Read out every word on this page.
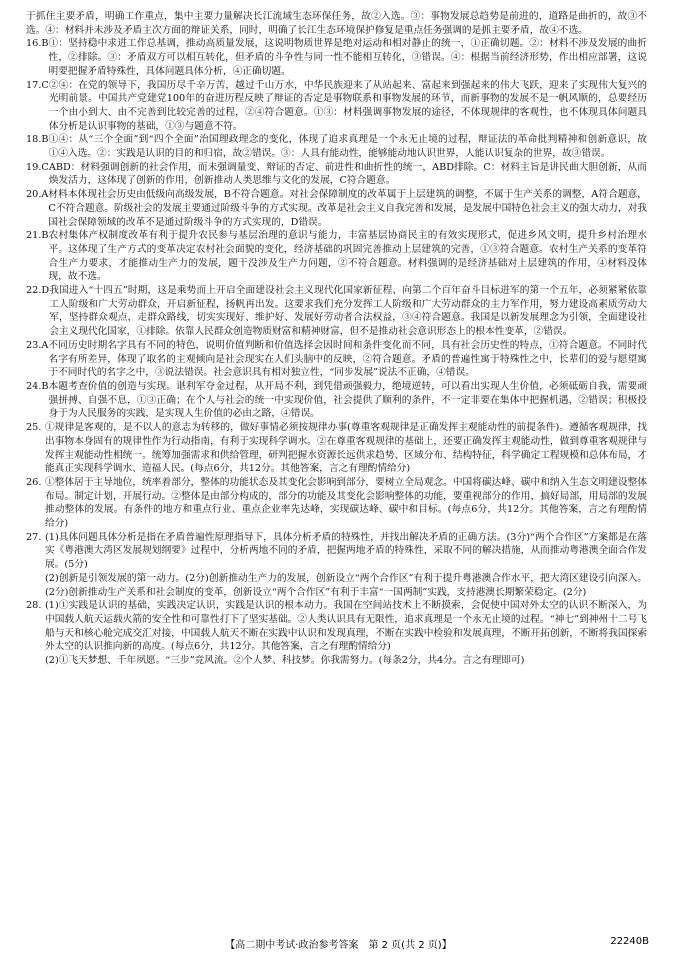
于抓住主要矛盾，明确工作重点，集中主要力量解决长江流域生态环保任务，故②入选。③：事物发展总趋势是前进的，道路是曲折的，故③不选。④：材料并未涉及矛盾主次方面的辩证关系，同时，明确了长江生态环境保护修复是重点任务强调的是抓主要矛盾，故④不选。

16.B ①：坚持稳中求进工作总基调，推动高质量发展，这说明物质世界是绝对运动和相对静止的统一，①正确切题。②：材料不涉及发展的曲折性，②排除。③：矛盾双方可以相互转化，但矛盾的斗争性与同一性不能相互转化，③错误。④：根据当前经济形势，作出相应部署，这说明要把握矛盾特殊性，具体问题具体分析，④正确切题。
17.C ②④：在党的领导下，我国历尽千辛万苦，越过千山万水，中华民族迎来了从站起来、富起来到强起来的伟大飞跃，迎来了实现伟大复兴的光明前景。中国共产党建党100年的奋进历程反映了辩证的否定是事物联系和事物发展的环节，而新事物的发展不是一帆风顺的，总要经历一个由小到大、由不完善到比较完善的过程，②④符合题意。①③：材料强调事物发展的途径，不体现规律的客观性，也不体现具体问题具体分析是认识事物的基础，①③与题意不符。
18.B ①④：从“三个全面”到“四个全面”治国理政理念的变化，体现了追求真理是一个永无止境的过程，辩证法的革命批判精神和创新意识，故①④入选。②：实践是认识的目的和归宿，故②错误。③：人具有能动性，能够能动地认识世界，人能认识复杂的世界，故③错误。
19.C ABD：材料强调创新的社会作用，而未强调量变、辩证的否定、前进性和曲折性的统一，ABD排除。C：材料主旨是讲民曲大胆创新，从而焕发活力，这体现了创新的作用，创新推动人类思维与文化的发展，C符合题意。
20.A 材料本体现社会历史由低级向高级发展，B不符合题意。对社会保障制度的改革属于上层建筑的调整，不属于生产关系的调整，A符合题意，C不符合题意。阶级社会的发展主要通过阶级斗争的方式实现。改革是社会主义自我完善和发展，是发展中国特色社会主义的强大动力，对我国社会保障领域的改革不是通过阶级斗争的方式实现的，D错误。
21.B 农村集体产权制度改革有利于提升农民参与基层治理的意识与能力，丰富基层协商民主的有效实现形式，促进乡风文明，提升乡村治理水平。这体现了生产方式的变革决定农村社会面貌的变化，经济基础的巩固完善推动上层建筑的完善，①③符合题意。农村生产关系的变革符合生产力要求，才能推动生产力的发展，题干没涉及生产力问题，②不符合题意。材料强调的是经济基础对上层建筑的作用，④材料没体现，故不选。
22.D 我国进入“十四五”时期，这是乘势而上开启全面建设社会主义现代化国家新征程、向第二个百年奋斗目标进军的第一个五年，必须紧紧依靠工人阶级和广大劳动群众，开启新征程，扬帆再出发。这要求我们充分发挥工人阶级和广大劳动群众的主力军作用，努力建设高素质劳动大军，坚持群众观点，走群众路线，切实实现好、维护好、发展好劳动者合法权益，③④符合题意。我国是以新发展理念为引领，全面建设社会主义现代化国家，①排除。依靠人民群众创造物质财富和精神财富，但不是推动社会意识形态上的根本性变革，②错误。
23.A 不同历史时期名字具有不同的特色，说明价值判断和价值选择会因时间和条件变化而不同，具有社会历史性的特点，①符合题意。不同时代名字有所差异，体现了取名的主观倾向是社会现实在人们头脑中的反映，②符合题意。矛盾的普遍性寓于特殊性之中，长辈们的爱与愿望寓于不同时代的名字之中，③说法错误。社会意识具有相对独立性，“同步发展”说法不正确，④错误。
24.B 本题考查价值的创造与实现。谌利军夺金过程，从开局不利，到凭借顽强毅力，绝境逆转，可以看出实现人生价值，必须砥砺自我，需要顽强拼搏、自强不息，①③正确；在个人与社会的统一中实现价值，社会提供了顺利的条件，不一定非要在集体中把握机遇，②错误；积极投身于为人民服务的实践，是实现人生价值的必由之路，④错误。
25. ①规律是客观的，是不以人的意志为转移的，做好事情必须按规律办事(尊重客观规律是正确发挥主观能动性的前提条件)。遵循客观规律，找出事物本身固有的规律性作为行动指南，有利于实现科学调水。②在尊重客观规律的基础上，还要正确发挥主观能动性，做到尊重客观规律与发挥主观能动性相统一。统筹加强需求和供给管理，研判把握水资源长远供求趋势、区域分布、结构特征，科学确定工程规模和总体布局，才能真正实现科学调水、造福人民。(每点6分，共12分。其他答案，言之有理酌情给分)
26. ①整体居于主导地位，统率着部分，整体的功能状态及其变化会影响到部分，要树立全局观念。中国将碳达峰、碳中和纳入生态文明建设整体布局。制定计划，开展行动。②整体是由部分构成的，部分的功能及其变化会影响整体的功能，要重视部分的作用，搞好局部，用局部的发展推动整体的发展。有条件的地方和重点行业、重点企业率先达峰，实现碳达峰、碳中和目标。(每点6分，共12分。其他答案，言之有理酌情给分)
27. (1)具体问题具体分析是指在矛盾普遍性原理指导下，具体分析矛盾的特殊性，并找出解决矛盾的正确方法。(3分)“两个合作区”方案都是在落实《粤港澳大湾区发展规划纲要》过程中，分析两地不同的矛盾，把握两地矛盾的特殊性，采取不同的解决措施，从而推动粤港澳全面合作发展。(5分)
(2)创新是引领发展的第一动力。(2分)创新推动生产力的发展，创新设立“两个合作区”有利于提升粤港澳合作水平，把大湾区建设引向深入。(2分)创新推动生产关系和社会制度的变革，创新设立“两个合作区”有利于丰富“一国两制”实践，支持港澳长期繁荣稳定。(2分)
28. (1)①实践是认识的基础，实践决定认识，实践是认识的根本动力。我国在空间站技术上不断摸索，会促使中国对外太空的认识不断深入，为中国载人航天运载火箭的安全性和可靠性打下了坚实基础。②人类认识具有无限性，追求真理是一个永无止境的过程。“神七”到神州十二号飞船与天和核心舱完成交汇对接，中国载人航天不断在实践中认识和发现真理，不断在实践中检验和发展真理，不断开拓创新，不断将我国探索外太空的认识推向新的高度。(每点6分，共12分。其他答案，言之有理酌情给分)
(2)①飞天梦想、千年夙愿。“三步”竞风流。②个人梦、科技梦。你我需努力。(每条2分，共4分。言之有理即可)
【高二期中考试·政治参考答案　第 2 页(共 2 页)】	22240B
